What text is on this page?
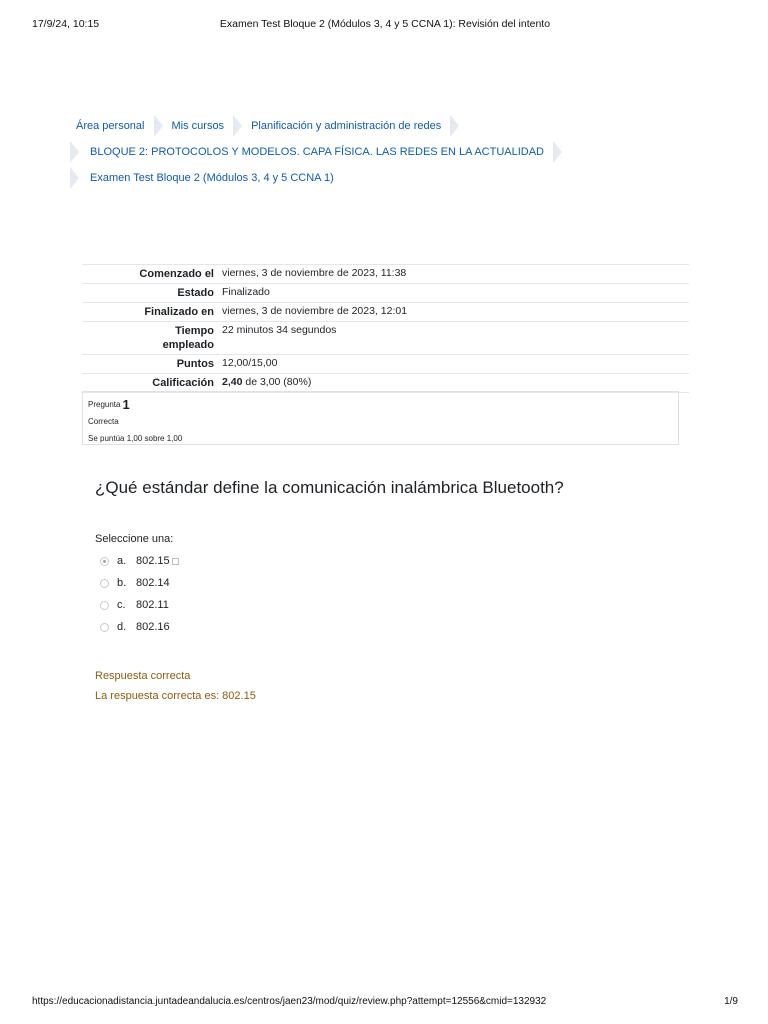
17/9/24, 10:15	Examen Test Bloque 2 (Módulos 3, 4 y 5 CCNA 1): Revisión del intento
Área personal	Mis cursos	Planificación y administración de redes
BLOQUE 2: PROTOCOLOS Y MODELOS. CAPA FÍSICA. LAS REDES EN LA ACTUALIDAD
Examen Test Bloque 2 (Módulos 3, 4 y 5 CCNA 1)
Comenzado el	viernes, 3 de noviembre de 2023, 11:38
Estado	Finalizado
Finalizado en	viernes, 3 de noviembre de 2023, 12:01
Tiempo empleado	22 minutos 34 segundos
Puntos	12,00/15,00
Calificación	2,40 de 3,00 (80%)
Pregunta 1
Correcta
Se puntúa 1,00 sobre 1,00
¿Qué estándar define la comunicación inalámbrica Bluetooth?
Seleccione una:
a. 802.15
b. 802.14
c. 802.11
d. 802.16
Respuesta correcta
La respuesta correcta es: 802.15
https://educacionadistancia.juntadeandalucia.es/centros/jaen23/mod/quiz/review.php?attempt=12556&cmid=132932	1/9
